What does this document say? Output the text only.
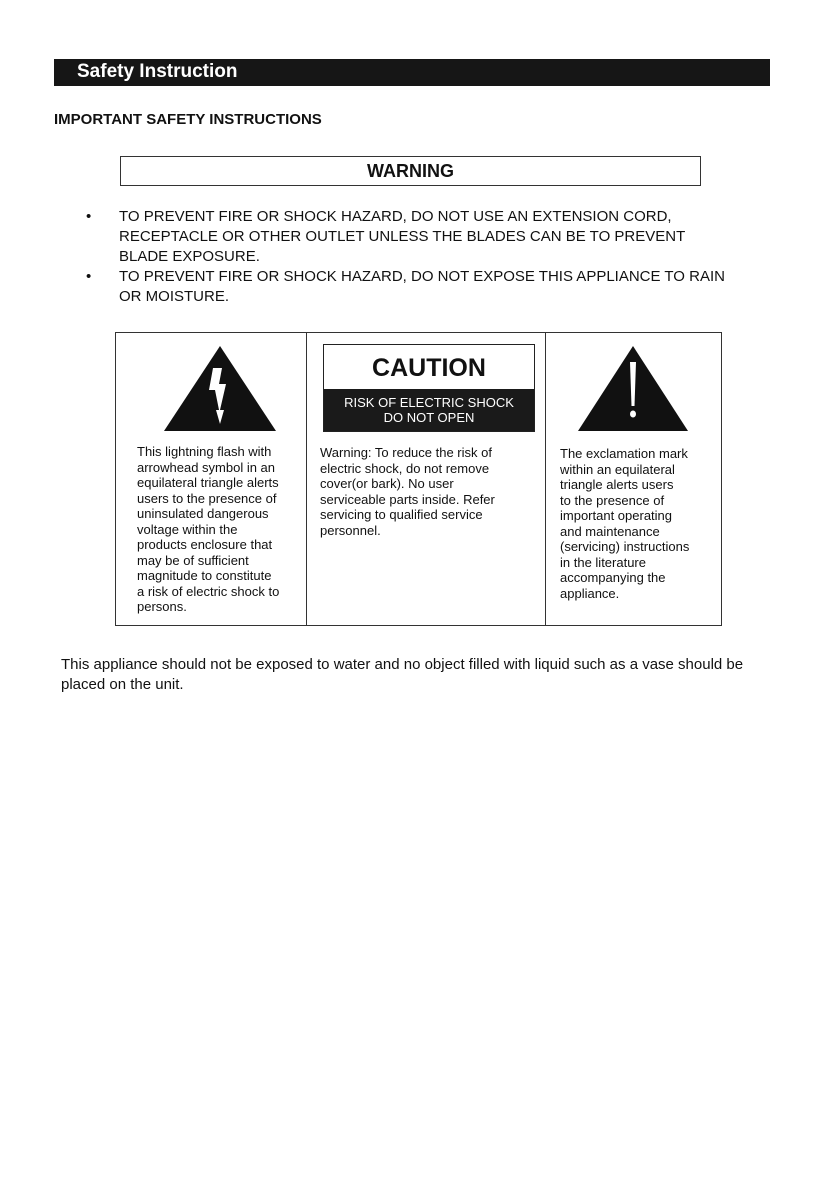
Safety Instruction
IMPORTANT SAFETY INSTRUCTIONS
WARNING
• TO PREVENT FIRE OR SHOCK HAZARD, DO NOT USE AN EXTENSION CORD, RECEPTACLE OR OTHER OUTLET UNLESS THE BLADES CAN BE TO PREVENT BLADE EXPOSURE.
• TO PREVENT FIRE OR SHOCK HAZARD, DO NOT EXPOSE THIS APPLIANCE TO RAIN OR MOISTURE.
This lightning flash with
arrowhead symbol in an
equilateral triangle alerts
users to the presence of
uninsulated dangerous
voltage within the
products enclosure that
may be of sufficient
magnitude to constitute
a risk of electric shock to
persons.
CAUTION
RISK OF ELECTRIC SHOCK
DO NOT OPEN
Warning: To reduce the risk of
electric shock, do not remove
cover(or bark). No user
serviceable parts inside. Refer
servicing to qualified service
personnel.
The exclamation mark
within an equilateral
triangle alerts users
to the presence of
important operating
and maintenance
(servicing) instructions
in the literature
accompanying the
appliance.
This appliance should not be exposed to water and no object filled with liquid such as a vase should be placed on the unit.
